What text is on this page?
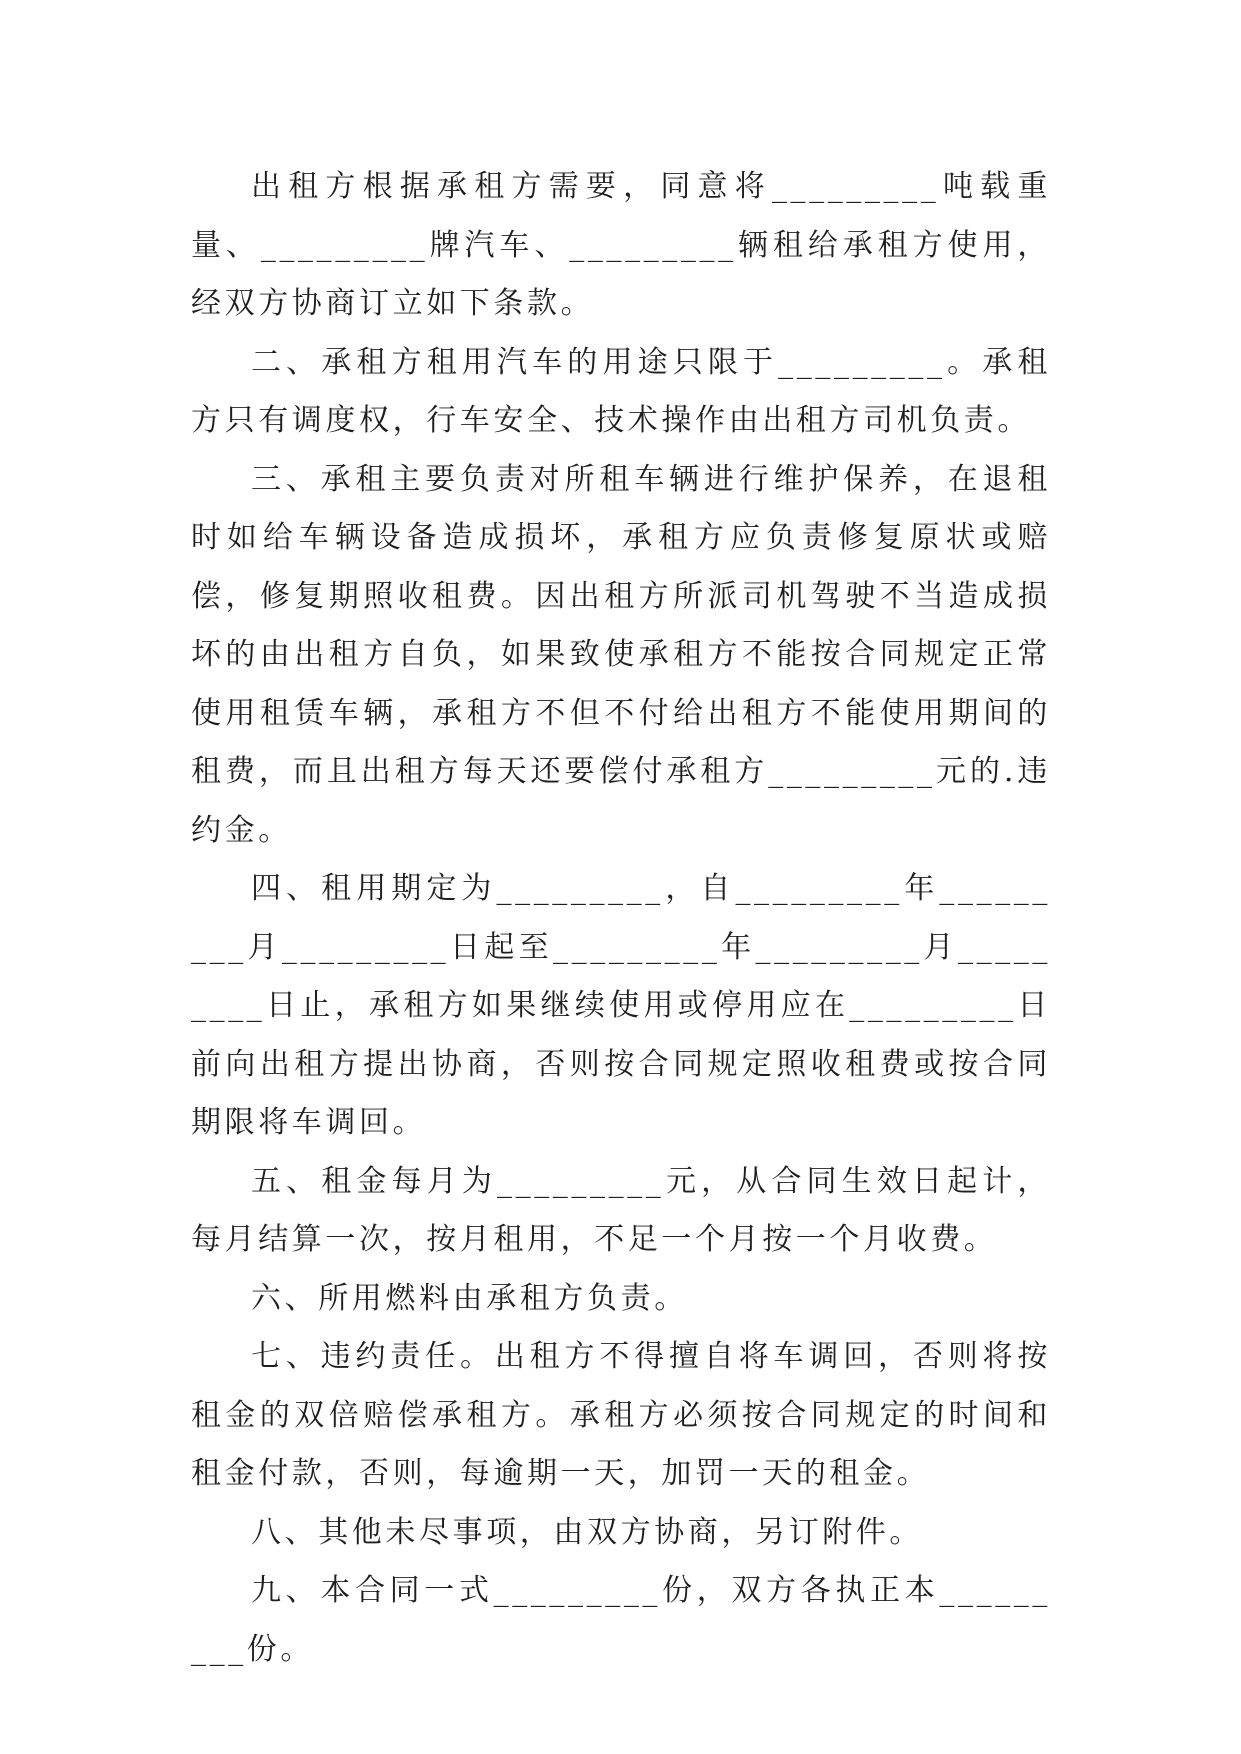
出租方根据承租方需要，同意将_________吨载重量、_________牌汽车、_________辆租给承租方使用，经双方协商订立如下条款。

二、承租方租用汽车的用途只限于_________。承租方只有调度权，行车安全、技术操作由出租方司机负责。

三、承租主要负责对所租车辆进行维护保养，在退租时如给车辆设备造成损坏，承租方应负责修复原状或赔偿，修复期照收租费。因出租方所派司机驾驶不当造成损坏的由出租方自负，如果致使承租方不能按合同规定正常使用租赁车辆，承租方不但不付给出租方不能使用期间的租费，而且出租方每天还要偿付承租方_________元的.违约金。

四、租用期定为_________，自_________年_________月_________日起至_________年_________月_________日止，承租方如果继续使用或停用应在_________日前向出租方提出协商，否则按合同规定照收租费或按合同期限将车调回。

五、租金每月为_________元，从合同生效日起计，每月结算一次，按月租用，不足一个月按一个月收费。

六、所用燃料由承租方负责。

七、违约责任。出租方不得擅自将车调回，否则将按租金的双倍赔偿承租方。承租方必须按合同规定的时间和租金付款，否则，每逾期一天，加罚一天的租金。

八、其他未尽事项，由双方协商，另订附件。

九、本合同一式_________份，双方各执正本_________份。
